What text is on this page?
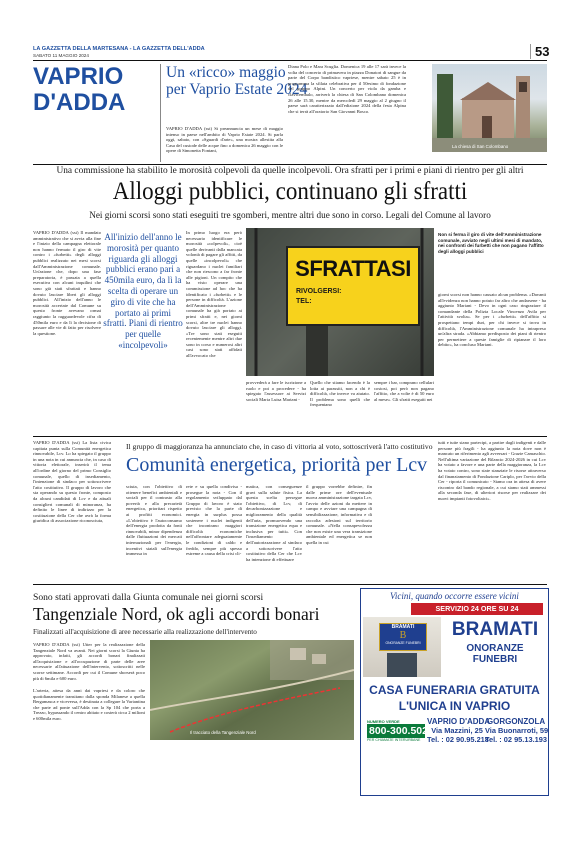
LA GAZZETTA DELLA MARTESANA - LA GAZZETTA DELL'ADDA
SABATO 11 MAGGIO 2024	53
VAPRIO
D'ADDA
Un «ricco» maggio
per Vaprio Estate 2024
VAPRIO D'ADDA (sst) Si preannuncia un mese di maggio intenso in paese nell'ambito di Vaprio Estate 2024. Si parla oggi, sabato, con «Sguardi d'arte», una mostra allestita alla Casa del custode delle acque fino a domenica 26 maggio con le opere di Simonetta Fontani,
Diana Polo e Mara Scuglia. Domenica 19 alle 17 sarà invece la volta del concerto di primavera in piazza Donatori di sangue da parte del Corpo bandistico vapriese, mentre sabato 25 è in programma la sfilata celebrativa per il 50esimo di fondazione del gruppo Alpini. Un concerto per viola da gamba e clavicembalo, arriverà la chiesa di San Colombano domenica 26 alle 15.30, mentre da mercoledì 29 maggio al 2 giugno il paese sarà caratterizzato dall'edizione 2024 della festa Alpina che si terrà all'oratorio San Giovanni Bosco.
La chiesa di San Colombano
Una commissione ha stabilito le morosità colpevoli da quelle incolpevoli. Ora sfratti per i primi e piani di rientro per gli altri
Alloggi pubblici, continuano gli sfratti
Nei giorni scorsi sono stati eseguiti tre sgomberi, mentre altri due sono in corso. Legali del Comune al lavoro
VAPRIO D'ADDA (sst) Il mandato amministrativo che si avvia alla fine e l'inizio della campagna elettorale non hanno fermato il giro di vite contro i «furbetti» degli alloggi pubblici realizzato nei mesi scorsi dall'Amministrazione comunale. Un'azione che, dopo una fase preparatoria, è passata a quella esecutiva con alcuni inquilini che sono già stati sfrattati e hanno dovuto lasciare liberi gli alloggi pubblici. All'inizio dell'anno le morosità accertate dal Comune su questo fronte avevano ormai raggiunto la ragguardevole cifra di 450mila euro e da lì la decisione di passare alle vie di fatto per risolvere la questione.
All'inizio dell'anno le morosità per quanto riguarda gli alloggi pubblici erano pari a 450mila euro, da lì la scelta di operare un giro di vite che ha portato ai primi sfratti. Piani di rientro per quelle «incolpevoli»
In primo luogo era però necessario identificare le morosità «colpevoli», cioè quelle derivanti dalla mancata volontà di pagare gli affitti, da quelle «incolpevoli» che riguardano i nuclei familiari che non riescono a far fronte alle pigioni. Un compito che ha visto operare una commissione ad hoc che ha identificato i «furbetti» e le persone in difficoltà. L'azione dell'Amministrazione comunale ha già portato ai primi sfratti e, nei giorni scorsi, altre tre nuclei hanno dovuto lasciare gli alloggi. «Tre sono stati eseguiti recentemente mentre altri due sono in corso e numerosi altri casi sono stati affidati all'avvocato che
SFRATTASI
RIVOLGERSI:
TEL:
provvederà a fare le iscrizione a ruolo e poi a procedere - ha spiegato l'assessore ai Servizi sociali Maria Luisa Mariani -
Quello che stiamo facendo è la lotta ai parassiti, non a chi è difficoltà, che invece va aiutato. Il problema sono quelli che frequentano
sempre i bar, comprano cellulari costosi, poi però non pagano l'affitto, che a volte è di 50 euro al mese». Gli sfratti eseguiti nei
Non si ferma il giro di vite dell'Amministrazione comunale, avviato negli ultimi mesi di mandato, nei confronti dei furbetti che non pagano l'affitto degli alloggi pubblici
giorni scorsi non hanno causato alcun problema. «Davanti all'evidenza non hanno potuto far altro che andarsene - ha aggiunto Mariani - Devo in ogni caso ringraziare il comandante della Polizia Locale Vincenzo Avila per l'attività svolta». Se per i «furbetti» dell'affitto si prospettano tempi duri, per chi invece si trova in difficoltà, l'Amministrazione comunale ha intrapreso un'altra strada. «Abbiamo predisposto dei piani di rientro per permettere a queste famiglie di ripianare il loro debito», ha concluso Mariani.
VAPRIO D'ADDA (sst) La lista civica capitata punta sulla Comunità energetica rinnovabile, Lcv. Lo ha spiegato il gruppo in una nota in cui annuncia che, in caso di vittoria elettorale, inserirà il tema all'ordine del giorno del primo Consiglio comunale, quello di insediamento, l'intenzione di sindaco per sottoscrivere l'atto costitutivo. Il gruppo di lavoro che sta operando su questo fronte, composto da alcuni candidati di Lcv e da attuali consiglieri comunali di minoranza, ha definito le linee di indirizzo per la costituzione della Cer che avrà la forma giuridica di associazione riconosciuta,
Il gruppo di maggioranza ha annunciato che, in caso di vittoria al voto, sottoscriverà l'atto costitutivo
Comunità energetica, priorità per Lcv
sciuta, con l'obiettivo di ottenere benefici ambientali e sociali per il contrasto alla povertà e alla precarietà energetica, prioritari rispetto ai profitti economici. «L'obiettivo è l'autoconsumo dell'energia prodotta da fonti rinnovabili, minor dipendenza dalle fluttuazioni dei mercati internazionali per l'energia, incentivi statali sull'energia immessa in
rete e su quella condivisa - prosegue la nota - Con il regolamento sviluppato dal Gruppo di lavoro è stato previsto che la parte di energia in surplus possa sostenere i nuclei indigenti che incontrano maggiori difficoltà economiche nell'affrontare adeguatamente le condizioni di caldo e freddo, sempre più spesso estreme a causa della crisi cli-
matica, con conseguenze gravi sulla salute fisica. La questa scelta persegue l'obiettivo, di Lcv, di decarbonizzazione e miglioramento della qualità dell'aria, promuovendo una transizione energetica equa e inclusiva per tutti». Con l'insediamento dell'autorizzazione al sindaco a sottoscrivere l'atto costitutivo della Cer che Lcv ha intenzione di effettuare
il gruppo vorrebbe definire, fin dalle prime ore dell'eventuale nuova amministrazione targata Lcv, l'avvio delle azioni da mettere in campo e avviare una campagna di sensibilizzazione, informativa e di raccolta adesioni sul territorio comunale. «Nella consapevolezza che non esiste una vera transizione ambientale ed energetica se non quella in cui
tutti e tutte siano partecipi, a partire dagli indigenti e dalle persone più fragili - ha aggiunto la nota dove non è mancato un riferimento agli avversari - Grazie Camaschio. Nell'ultima variazione del Bilancio 2024-2026 in cui Lcv ha votato a favore e una parte della maggioranza, la Lcv ha votato contro, sono state stanziate le risorse attraverso dal finanziamento di Fondazione Cariplo, per l'avvio della Cer - riporta il comunicato - Siamo ora in attesa di avere riscontro dal bando regionale, a cui siamo stati ammessi alla seconda fase, di ulteriori risorse per realizzare dei nuovi impianti fotovoltaici».
Sono stati approvati dalla Giunta comunale nei giorni scorsi
Tangenziale Nord, ok agli accordi bonari
Finalizzati all'acquisizione di aree necessarie alla realizzazione dell'intervento
VAPRIO D'ADDA (sst) Utter per la realizzazione della Tangenziale Nord va avanti. Nei giorni scorsi la Giunta ha approvato, infatti, gli accordi bonari finalizzati all'acquisizione e all'occupazione di parte delle aree necessarie all'attuazione dell'intervento, sottoscritti nelle scorse settimane. Accordi per cui il Comune sborserà poco più di 6mila e 600 euro.
L'arteria, attesa da anni dai vapriesi e da coloro che quotidianamente transitano dalla sponda Milanese a quella Bergamasca e viceversa, è destinata a collegare la Variantina che parte ad ponte sull'Adda con la Sp 104 che porta a Trezzo, bypassando il centro abitato e costerà circa 2 milioni e 600mila euro.
Il tracciato della Tangenziale Nord
Vicini, quando occorre essere vicini
SERVIZIO 24 ORE SU 24
BRAMATI
B
ONORANZE FUNEBRI
BRAMATI
ONORANZE FUNEBRI
CASA FUNERARIA GRATUITA
L'UNICA IN VAPRIO
NUMERO VERDE
800-300.502
PER CHIAMATE INTERURBANE
VAPRIO D'ADDA
Via Mazzini, 25
Tel. : 02 90.95.218
GORGONZOLA
Via Buonarroti, 59
Tel. : 02 95.13.193
